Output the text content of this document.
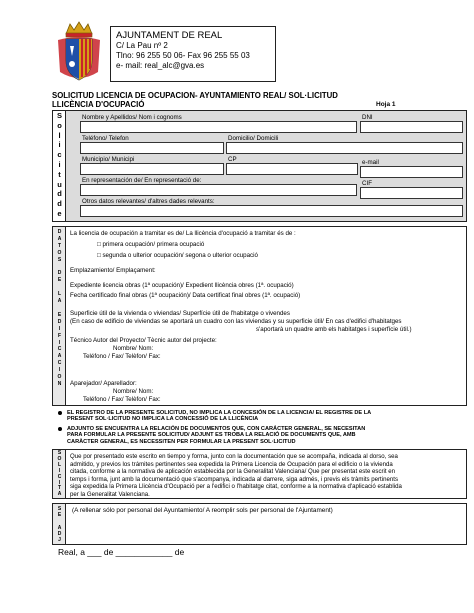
AJUNTAMENT DE REAL
C/ La Pau nº 2
Tlno: 96 255 50 06- Fax 96 255 55 03
e- mail: real_alc@gva.es
SOLICITUD LICENCIA DE OCUPACION- AYUNTAMIENTO REAL/ SOL·LICITUD
LLICÈNCIA D'OCUPACIÓ	Hoja 1
S
o
l
i
c
i
t
u
d
d
e
Nombre y Apellidos/ Nom i cognoms	DNI
Teléfono/ Telefon	Domicilio/ Domicili
Municipio/ Municipi	CP	e-mail
En representación de/ En representació de:	CIF
Otros datos relevantes/ d'altres dades relevants:
D
A
T
O
S

D
E

L
A

E
D
I
F
I
C
A
C
I
O
N
La licencia de ocupación a tramitar es de/ La llicència d'ocupació a tramitar és de :
□ primera ocupación/ primera ocupació
□ segunda o ulterior ocupación/ segona o ulterior ocupació
Emplazamiento/ Emplaçament:
Expediente licencia obras (1ª ocupación)/ Expedient llicència obres (1ª. ocupació)
Fecha certificado final obras (1ª ocupación)/ Data certificat final obres (1ª. ocupació)
Superficie útil de la vivienda o viviendas/ Superfície útil de l'habitatge o vivendes
(En caso de edificio de viviendas se aportará un cuadro con las viviendas y su superficie útil/ En cas d'edifici d'habitatges
s'aportarà un quadre amb els habitatges i superfície útil.)
Técnico Autor del Proyecto/ Tècnic autor del projecte:
Nombre/ Nom:
Teléfono / Fax/ Telèfon/ Fax:
Aparejador/ Aparellador:
Nombre/ Nom:
Teléfono / Fax/ Telèfon/ Fax:
EL REGISTRO DE LA PRESENTE SOLICITUD, NO IMPLICA LA CONCESIÓN DE LA LICENCIA/ EL REGISTRE DE LA
PRESENT SOL·LICITUD NO IMPLICA LA CONCESSIÓ DE LA LLICÈNCIA
ADJUNTO SE ENCUENTRA LA RELACIÓN DE DOCUMENTOS QUE, CON CARÁCTER GENERAL, SE NECESITAN
PARA FORMULAR LA PRESENTE SOLICITUD/ ADJUNT ES TROBA LA RELACIÓ DE DOCUMENTS QUE, AMB
CARÀCTER GENERAL, ES NECESSITEN PER FORMULAR LA PRESENT SOL·LICITUD
S
O
L
I
C
I
T
A
Que por presentado este escrito en tiempo y forma, junto con la documentación que se acompaña, indicada al dorso, sea
admitido, y previos los trámites pertinentes sea expedida la Primera Licencia de Ocupación para el edificio o la vivienda
citada, conforme a la normativa de aplicación establecida por la Generalitat Valenciana/ Que per presentat este escrit en
temps i forma, junt amb la documentació que s'acompanya, indicada al darrere, siga admés, i previs els tràmits pertinents
siga expedida la Primera Llicència d'Ocupació per a l'edifici o l'habitatge citat, conforme a la normativa d'aplicació establida
per la Generalitat Valenciana.
S
E

A
D
J
(A rellenar sólo por personal del Ayuntamiento/ A reomplir sols per personal de l'Ajuntament)
Real, a ___ de ____________ de
